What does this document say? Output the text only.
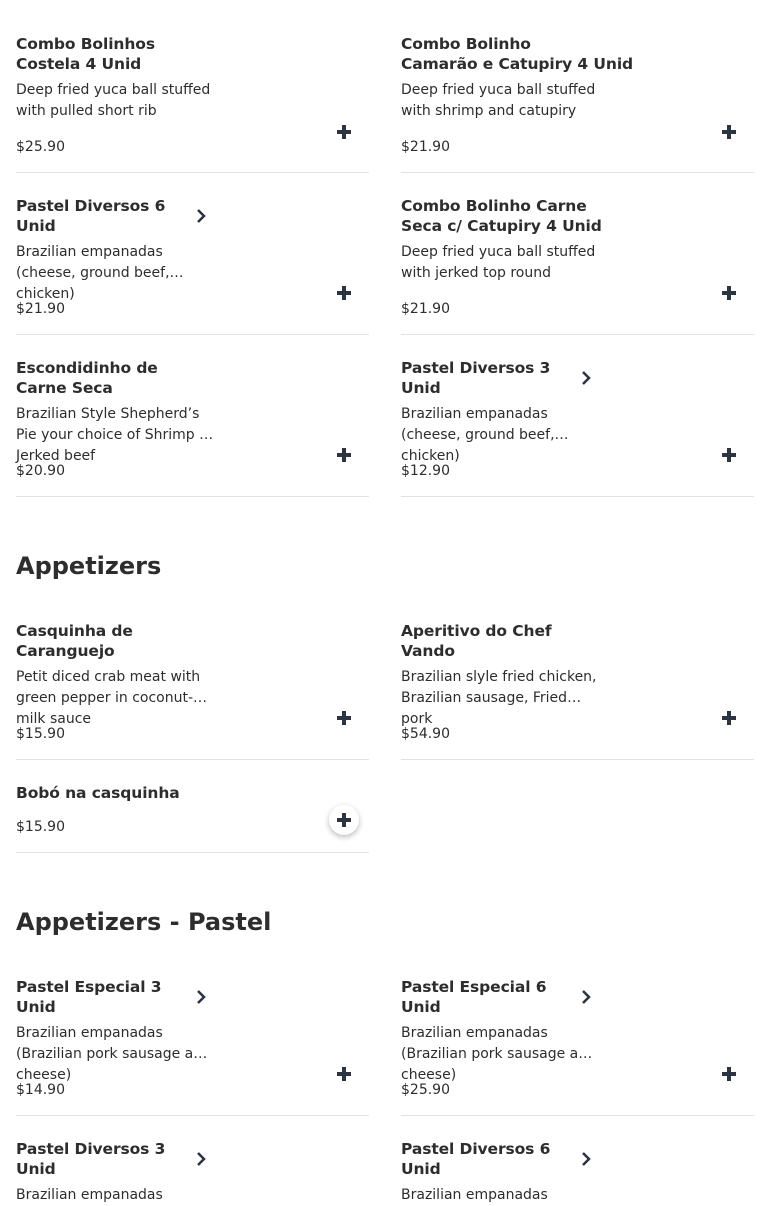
Combo Bolinhos Costela 4 Unid
Deep fried yuca ball stuffed with pulled short rib
$25.90
Combo Bolinho
Camarão e Catupiry 4 Unid
Deep fried yuca ball stuffed with shrimp and catupiry
$21.90
Pastel Diversos 6 Unid
Brazilian empanadas (cheese, ground beef, chicken)
$21.90
Combo Bolinho Carne
Seca c/ Catupiry 4 Unid
Deep fried yuca ball stuffed with jerked top round
$21.90
Escondidinho de Carne Seca
Brazilian Style Shepherd’s Pie your choice of Shrimp or Jerked beef
$20.90
Pastel Diversos 3 Unid
Brazilian empanadas (cheese, ground beef, chicken)
$12.90
Appetizers
Casquinha de Caranguejo
Petit diced crab meat with green pepper in coconut-milk sauce
$15.90
Aperitivo do Chef Vando
Brazilian slyle fried chicken, Brazilian sausage, Fried pork
$54.90
Bobó na casquinha
$15.90
Appetizers - Pastel
Pastel Especial 3 Unid
Brazilian empanadas (Brazilian pork sausage and cheese)
$14.90
Pastel Especial 6 Unid
Brazilian empanadas (Brazilian pork sausage and cheese)
$25.90
Pastel Diversos 3 Unid
Brazilian empanadas
Pastel Diversos 6 Unid
Brazilian empanadas
